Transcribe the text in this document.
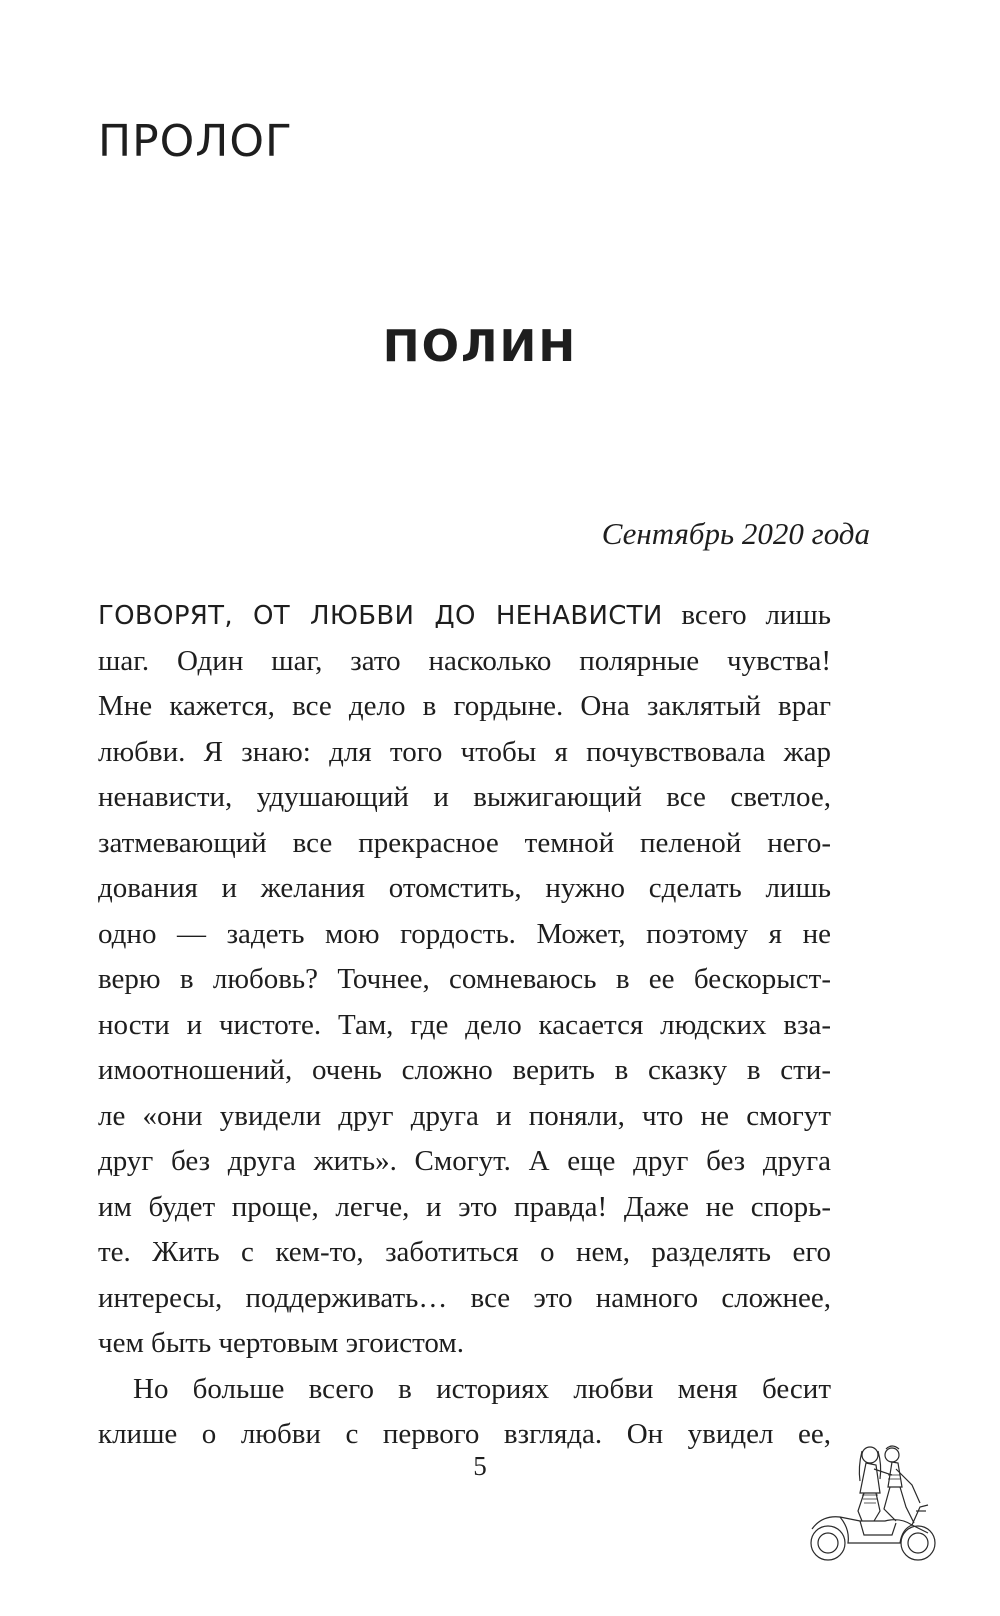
ПРОЛОГ
ПОЛИН
Сентябрь 2020 года
ГОВОРЯТ, ОТ ЛЮБВИ ДО НЕНАВИСТИ всего лишь
шаг. Один шаг, зато насколько полярные чувства!
Мне кажется, все дело в гордыне. Она заклятый враг
любви. Я знаю: для того чтобы я почувствовала жар
ненависти, удушающий и выжигающий все светлое,
затмевающий все прекрасное темной пеленой него-
дования и желания отомстить, нужно сделать лишь
одно — задеть мою гордость. Может, поэтому я не
верю в любовь? Точнее, сомневаюсь в ее бескорыст-
ности и чистоте. Там, где дело касается людских вза-
имоотношений, очень сложно верить в сказку в сти-
ле «они увидели друг друга и поняли, что не смогут
друг без друга жить». Смогут. А еще друг без друга
им будет проще, легче, и это правда! Даже не спорь-
те. Жить с кем-то, заботиться о нем, разделять его
интересы, поддерживать… все это намного сложнее,
чем быть чертовым эгоистом.
Но больше всего в историях любви меня бесит
клише о любви с первого взгляда. Он увидел ее,
5
